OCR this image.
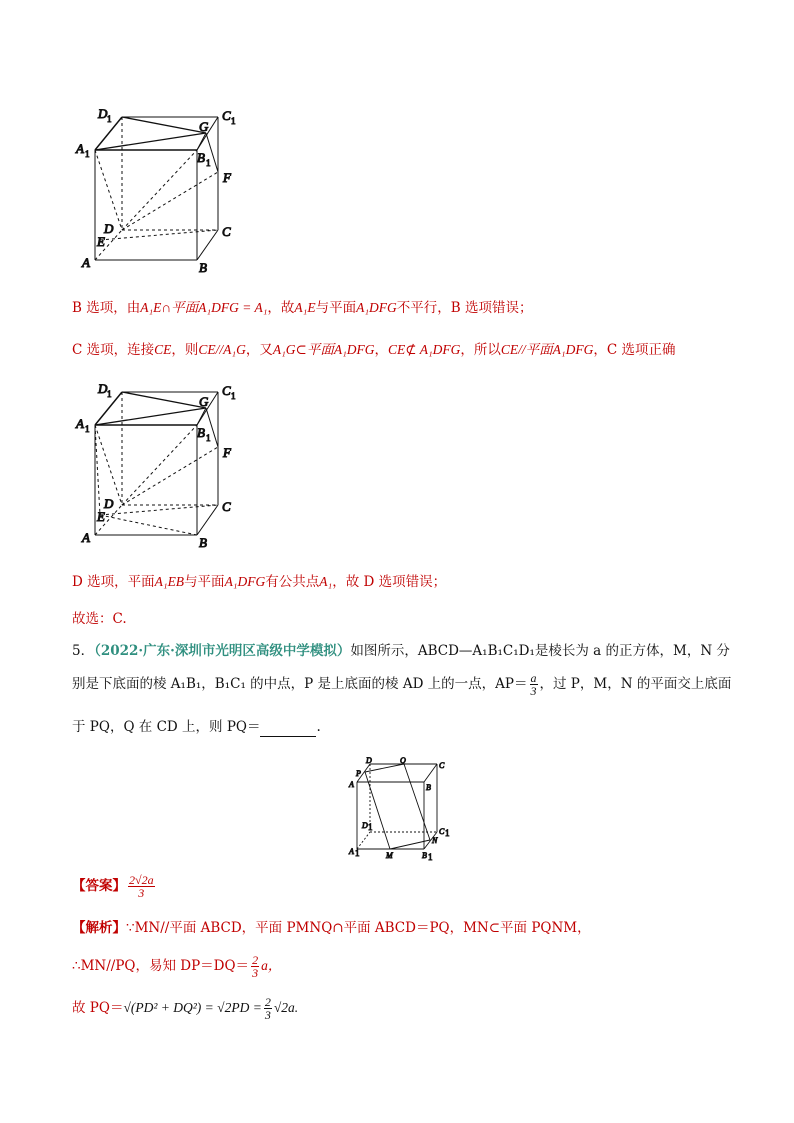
D 1	C 1
A 1	B 1
G
F
D
E
C
A	B
B 选项，由A₁E∩平面A₁DFG = A₁，故A₁E与平面A₁DFG不平行，B 选项错误；
C 选项，连接CE，则CE//A₁G，又A₁G⊂平面A₁DFG，CE⊄ A₁DFG，所以CE//平面A₁DFG，C 选项正确
D 1	C 1
A 1	B 1
G
F
D
E
C
A	B
D 选项，平面A₁EB与平面A₁DFG有公共点A₁，故 D 选项错误；
故选：C.
5．（2022·广东·深圳市光明区高级中学模拟）如图所示，ABCD—A₁B₁C₁D₁是棱长为 a 的正方体，M，N 分
别是下底面的棱 A₁B₁，B₁C₁ 的中点，P 是上底面的棱 AD 上的一点，$AP= \frac{a}{3}$ ，过 P，M，N 的平面交上底面
于 PQ，Q 在 CD 上，则 PQ＝	.
D	Q
C
P
A	B
D 1	C 1
N
A 1	M	B 1
【答案】 $\frac{2√2a}{3}$
【解析】∵MN//平面 ABCD，平面 PMNQ∩平面 ABCD＝PQ，MN⊂平面 PQNM，
∴MN//PQ，易知 $DP=DQ= \frac{2}{3}$ a，
故 $PQ=√(PD^2 + DQ^2) = √2PD = \frac{2}{3} √2a$.
